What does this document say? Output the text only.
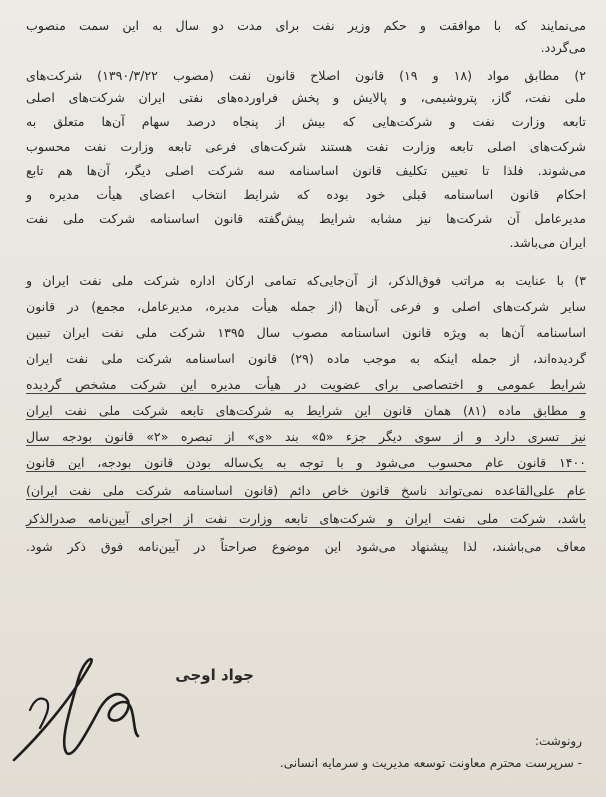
می‌نمایند که با موافقت و حکم وزیر نفت برای مدت دو سال به این سمت منصوب
می‌گردد.
۲) مطابق مواد (۱۸ و ۱۹) قانون اصلاح قانون نفت (مصوب ۱۳۹۰/۳/۲۲) شرکت‌های
ملی نفت، گاز، پتروشیمی، و پالایش و پخش فراورده‌های نفتی ایران شرکت‌های اصلی
تابعه وزارت نفت و شرکت‌هایی که بیش از پنجاه درصد سهام آن‌ها متعلق به
شرکت‌های اصلی تابعه وزارت نفت هستند شرکت‌های فرعی تابعه وزارت نفت محسوب
می‌شوند. فلذا تا تعیین تکلیف قانون اساسنامه سه شرکت اصلی دیگر، آن‌ها هم تابع
احکام قانون اساسنامه قبلی خود بوده که شرایط انتخاب اعضای هیأت مدیره و
مدیرعامل آن شرکت‌ها نیز مشابه شرایط پیش‌گفته قانون اساسنامه شرکت ملی نفت
ایران می‌باشد.
۳) با عنایت به مراتب فوق‌الذکر، از آن‌جایی‌که تمامی ارکان اداره شرکت ملی نفت ایران و
سایر شرکت‌های اصلی و فرعی آن‌ها (از جمله هیأت مدیره، مدیرعامل، مجمع) در قانون
اساسنامه آن‌ها به ویژه قانون اساسنامه مصوب سال ۱۳۹۵ شرکت ملی نفت ایران تبیین
گردیده‌اند، از جمله اینکه به موجب ماده (۲۹) قانون اساسنامه شرکت ملی نفت ایران
شرایط عمومی و اختصاصی برای عضویت در هیأت مدیره این شرکت مشخص گردیده
و مطابق ماده (۸۱) همان قانون این شرایط به شرکت‌های تابعه شرکت ملی نفت ایران
نیز تسری دارد و از سوی دیگر جزء «۵» بند «ی» از تبصره «۲» قانون بودجه سال
۱۴۰۰ قانون عام محسوب می‌شود و با توجه به یک‌ساله بودن قانون بودجه، این قانون
عام علی‌القاعده نمی‌تواند ناسخ قانون خاص دائم (قانون اساسنامه شرکت ملی نفت ایران)
باشد، شرکت ملی نفت ایران و شرکت‌های تابعه وزارت نفت از اجرای آیین‌نامه صدرالذکر
معاف می‌باشند، لذا پیشنهاد می‌شود این موضوع صراحتاً در آیین‌نامه فوق ذکر شود.
جواد اوجی
رونوشت:
- سرپرست محترم معاونت توسعه مدیریت و سرمایه انسانی.
